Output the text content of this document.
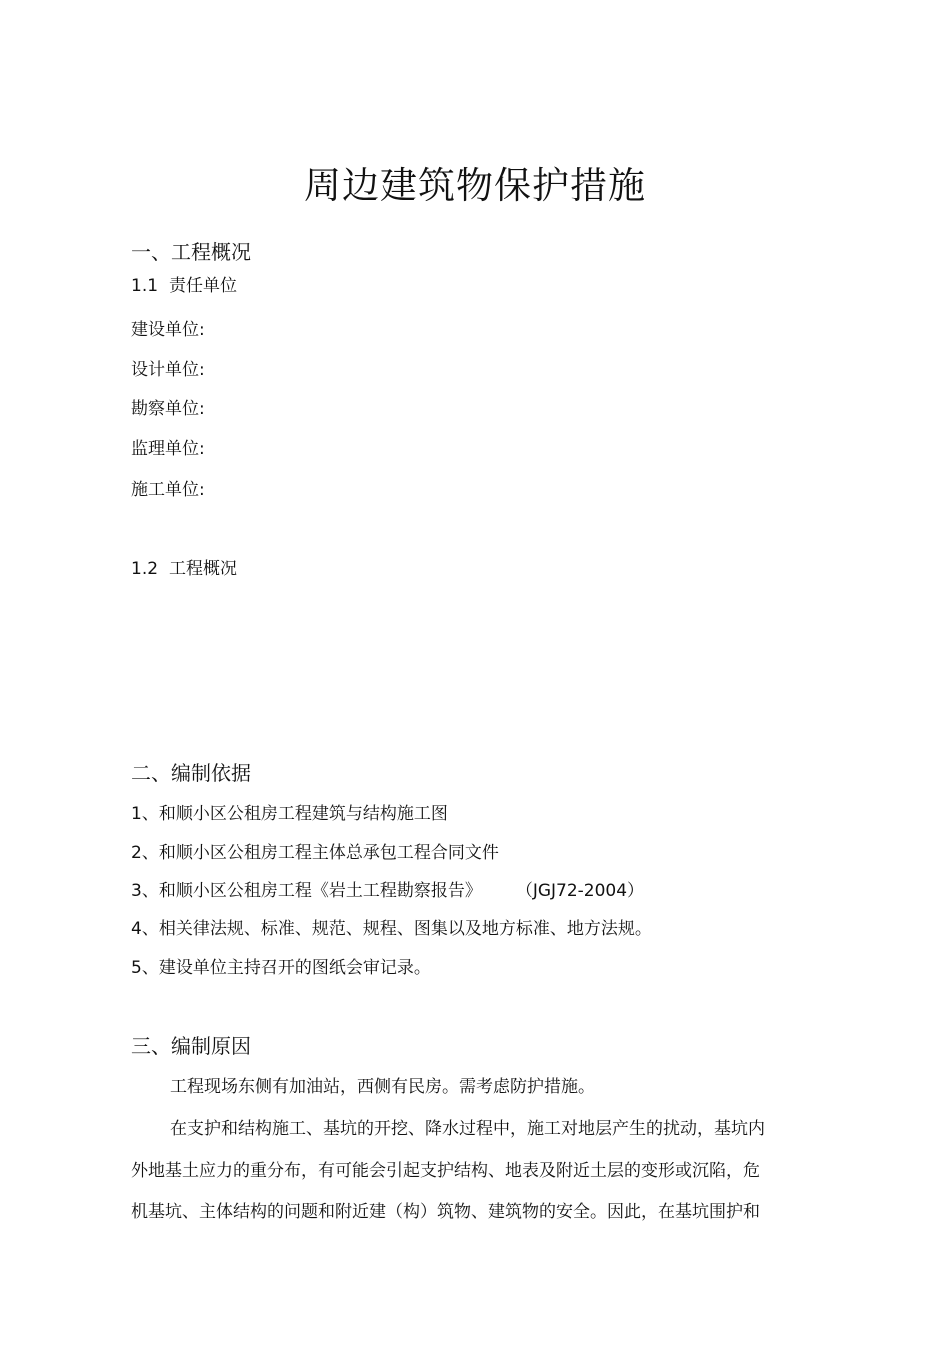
周边建筑物保护措施
一、工程概况
1.1 责任单位
建设单位:
设计单位:
勘察单位:
监理单位:
施工单位:
1.2 工程概况
二、编制依据
1、和顺小区公租房工程建筑与结构施工图
2、和顺小区公租房工程主体总承包工程合同文件
3、和顺小区公租房工程《岩土工程勘察报告》 （JGJ72-2004）
4、相关律法规、标准、规范、规程、图集以及地方标准、地方法规。
5、建设单位主持召开的图纸会审记录。
三、编制原因
工程现场东侧有加油站，西侧有民房。需考虑防护措施。
在支护和结构施工、基坑的开挖、降水过程中，施工对地层产生的扰动，基坑内
外地基土应力的重分布，有可能会引起支护结构、地表及附近土层的变形或沉陷，危
机基坑、主体结构的问题和附近建（构）筑物、建筑物的安全。因此，在基坑围护和
